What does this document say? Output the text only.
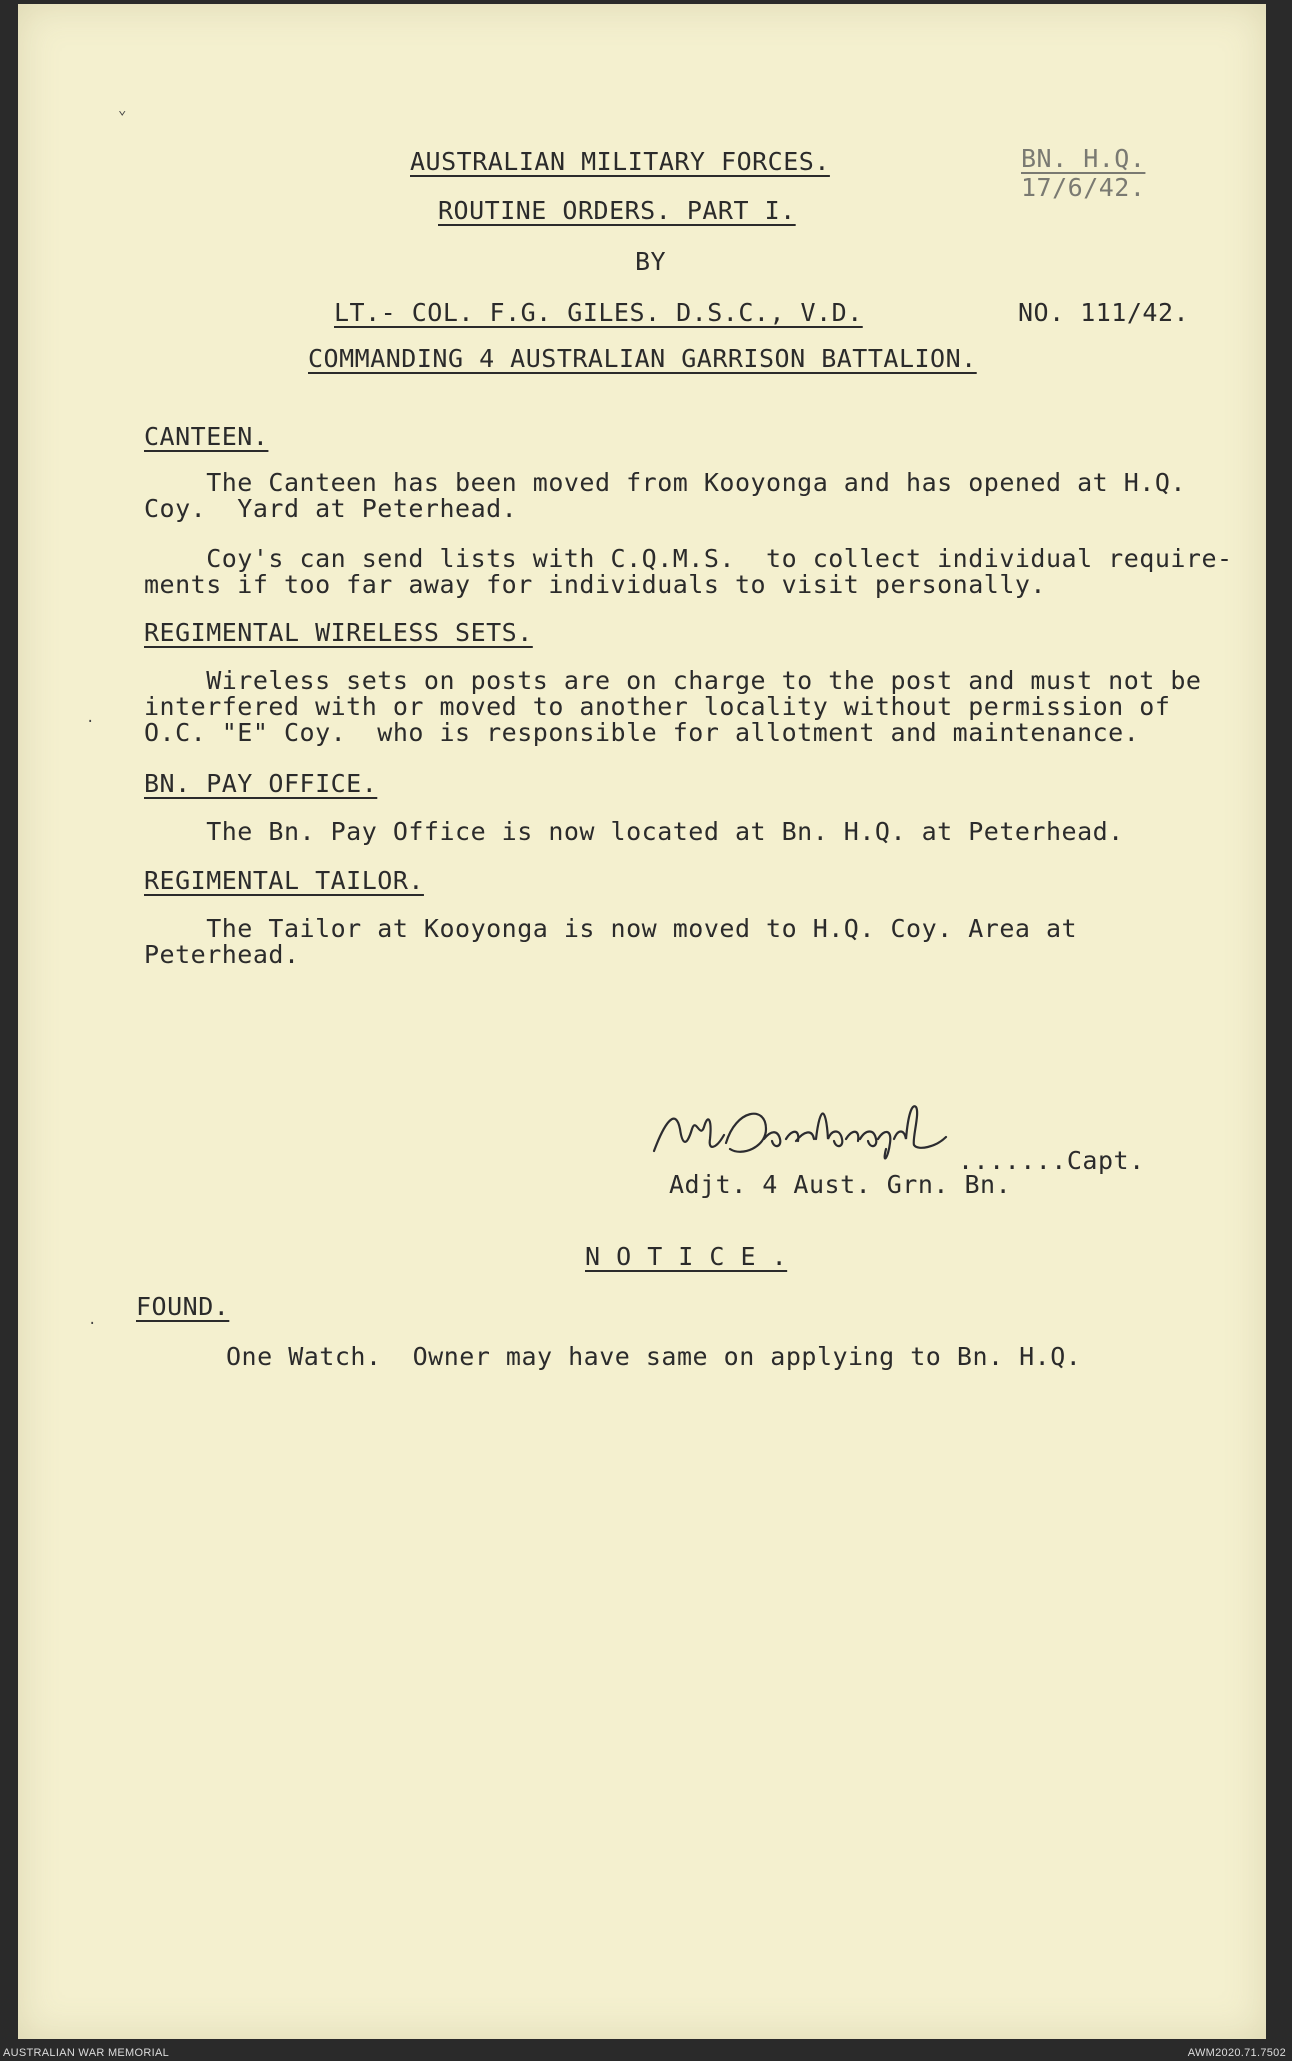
AUSTRALIAN MILITARY FORCES.	BN. H.Q.
17/6/42.
ROUTINE ORDERS. PART I.
BY
LT.- COL. F.G. GILES. D.S.C., V.D.	NO. 111/42.
COMMANDING 4 AUSTRALIAN GARRISON BATTALION.
CANTEEN.
The Canteen has been moved from Kooyonga and has opened at H.Q.
Coy.  Yard at Peterhead.
Coy's can send lists with C.Q.M.S.  to collect individual require-
ments if too far away for individuals to visit personally.
REGIMENTAL WIRELESS SETS.
Wireless sets on posts are on charge to the post and must not be
interfered with or moved to another locality without permission of
O.C. "E" Coy.  who is responsible for allotment and maintenance.
BN. PAY OFFICE.
The Bn. Pay Office is now located at Bn. H.Q. at Peterhead.
REGIMENTAL TAILOR.
The Tailor at Kooyonga is now moved to H.Q. Coy. Area at
Peterhead.
.......Capt.
Adjt. 4 Aust. Grn. Bn.
N O T I C E .
FOUND.
One Watch.  Owner may have same on applying to Bn. H.Q.
⌄
·
·
AUSTRALIAN WAR MEMORIAL	AWM2020.71.7502
